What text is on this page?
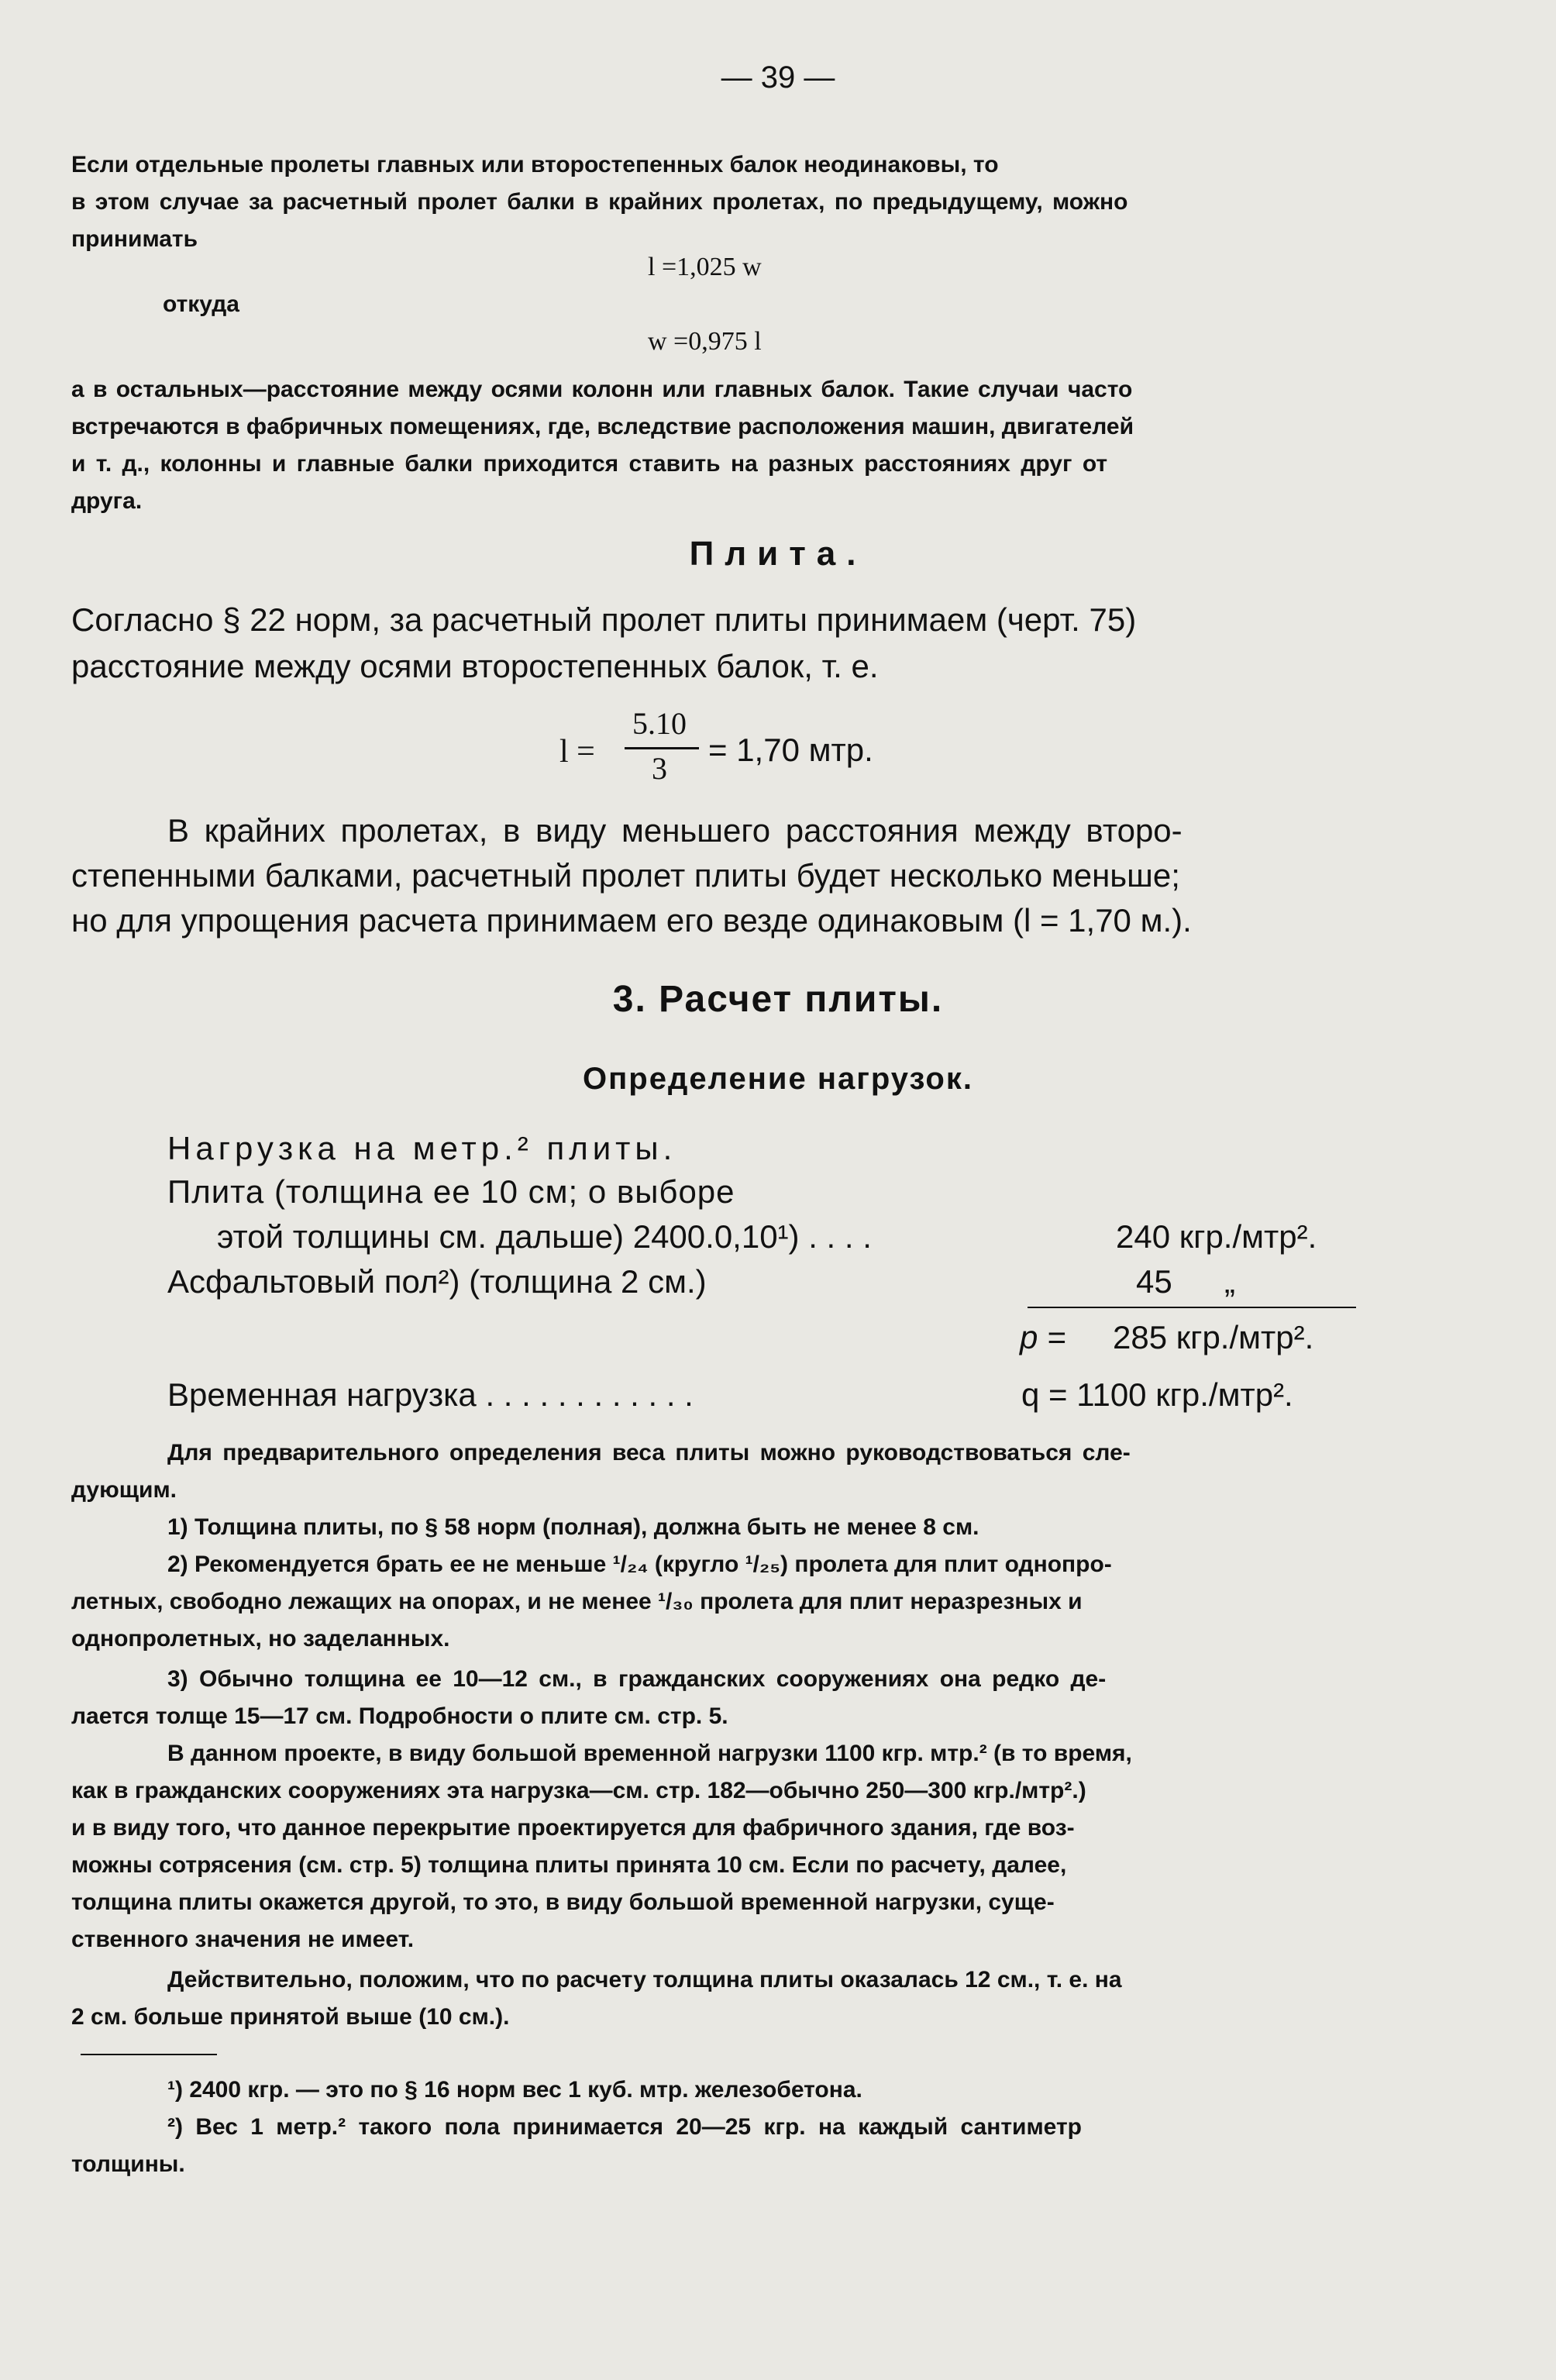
— 39 —
Если отдельные пролеты главных или второстепенных балок неодинаковы, то
в этом случае за расчетный пролет балки в крайних пролетах, по предыдущему, можно
принимать
l =1,025 w
откуда
w =0,975 l
а в остальных—расстояние между осями колонн или главных балок. Такие случаи часто
встречаются в фабричных помещениях, где, вследствие расположения машин, двигателей
и т. д., колонны и главные балки приходится ставить на разных расстояниях друг от
друга.
Плита.
Согласно § 22 норм, за расчетный пролет плиты принимаем (черт. 75)
расстояние между осями второстепенных балок, т. е.
l =
5.10
3
= 1,70 мтр.
В крайних пролетах, в виду меньшего расстояния между второ-
степенными балками, расчетный пролет плиты будет несколько меньше;
но для упрощения расчета принимаем его везде одинаковым (l = 1,70 м.).
3. Расчет плиты.
Определение нагрузок.
Нагрузка на метр.² плиты.
Плита (толщина ее 10 см; о выборе
этой толщины см. дальше) 2400.0,10¹) . . . .	240 кгр./мтр².
Асфальтовый пол²) (толщина 2 см.)	45 „
p = 285 кгр./мтр².
Временная нагрузка . . . . . . . . . . . .	q = 1100 кгр./мтр².
Для предварительного определения веса плиты можно руководствоваться сле-
дующим.
1) Толщина плиты, по § 58 норм (полная), должна быть не менее 8 см.
2) Рекомендуется брать ее не меньше ¹/₂₄ (кругло ¹/₂₅) пролета для плит однопро-
летных, свободно лежащих на опорах, и не менее ¹/₃₀ пролета для плит неразрезных и
однопролетных, но заделанных.
3) Обычно толщина ее 10—12 см., в гражданских сооружениях она редко де-
лается толще 15—17 см. Подробности о плите см. стр. 5.
В данном проекте, в виду большой временной нагрузки 1100 кгр. мтр.² (в то время,
как в гражданских сооружениях эта нагрузка—см. стр. 182—обычно 250—300 кгр./мтр².)
и в виду того, что данное перекрытие проектируется для фабричного здания, где воз-
можны сотрясения (см. стр. 5) толщина плиты принята 10 см. Если по расчету, далее,
толщина плиты окажется другой, то это, в виду большой временной нагрузки, суще-
ственного значения не имеет.
Действительно, положим, что по расчету толщина плиты оказалась 12 см., т. е. на
2 см. больше принятой выше (10 см.).
¹) 2400 кгр. — это по § 16 норм вес 1 куб. мтр. железобетона.
²) Вес 1 метр.² такого пола принимается 20—25 кгр. на каждый сантиметр
толщины.
